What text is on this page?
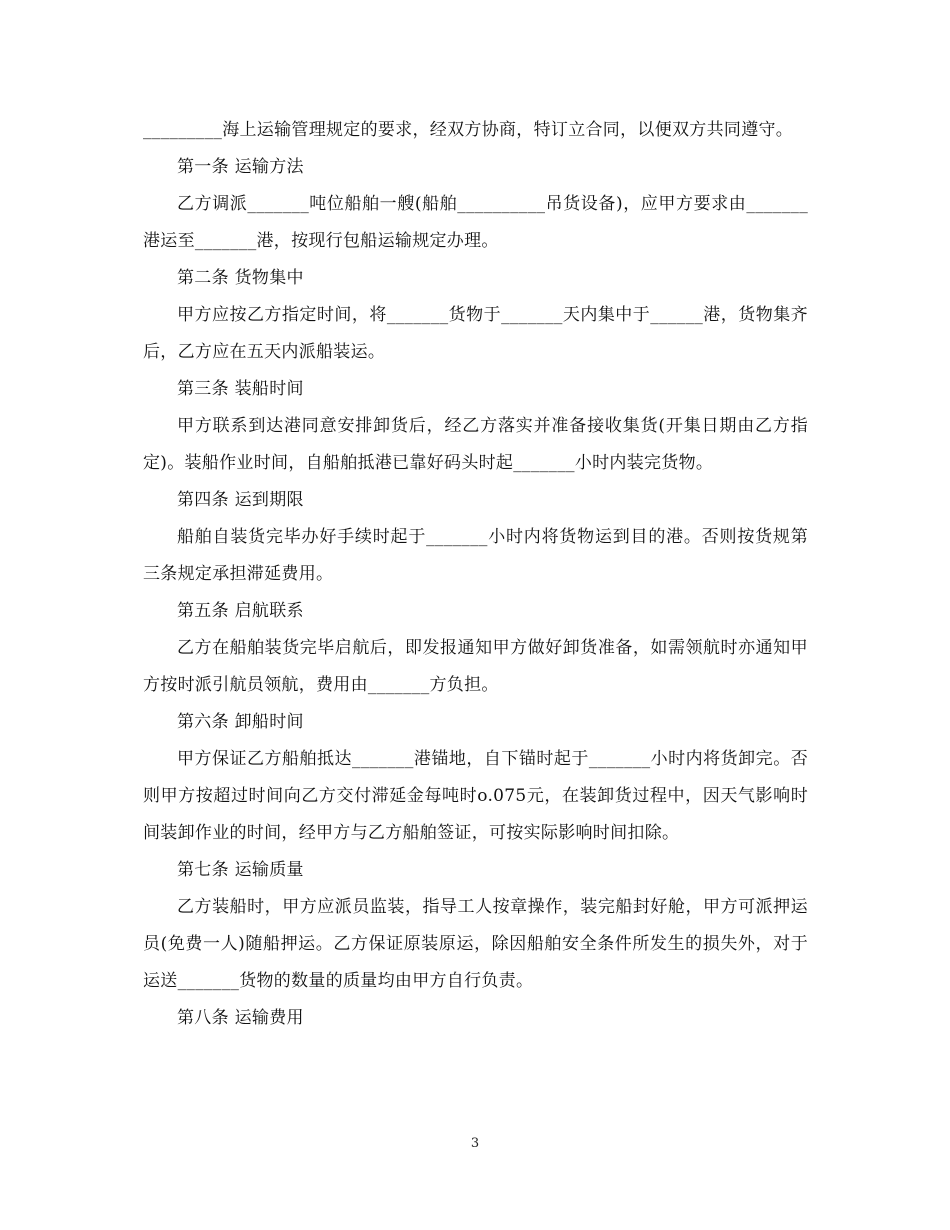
_________海上运输管理规定的要求，经双方协商，特订立合同，以便双方共同遵守。

第一条 运输方法

乙方调派_______吨位船舶一艘(船舶__________吊货设备)，应甲方要求由_______港运至_______港，按现行包船运输规定办理。

第二条 货物集中

甲方应按乙方指定时间，将_______货物于_______天内集中于______港，货物集齐后，乙方应在五天内派船装运。

第三条 装船时间

甲方联系到达港同意安排卸货后，经乙方落实并准备接收集货(开集日期由乙方指定)。装船作业时间，自船舶抵港已靠好码头时起_______小时内装完货物。

第四条 运到期限

船舶自装货完毕办好手续时起于_______小时内将货物运到目的港。否则按货规第三条规定承担滞延费用。

第五条 启航联系

乙方在船舶装货完毕启航后，即发报通知甲方做好卸货准备，如需领航时亦通知甲方按时派引航员领航，费用由_______方负担。

第六条 卸船时间

甲方保证乙方船舶抵达_______港锚地，自下锚时起于_______小时内将货卸完。否则甲方按超过时间向乙方交付滞延金每吨时o.075元，在装卸货过程中，因天气影响时间装卸作业的时间，经甲方与乙方船舶签证，可按实际影响时间扣除。

第七条 运输质量

乙方装船时，甲方应派员监装，指导工人按章操作，装完船封好舱，甲方可派押运员(免费一人)随船押运。乙方保证原装原运，除因船舶安全条件所发生的损失外，对于运送_______货物的数量的质量均由甲方自行负责。

第八条 运输费用

3
